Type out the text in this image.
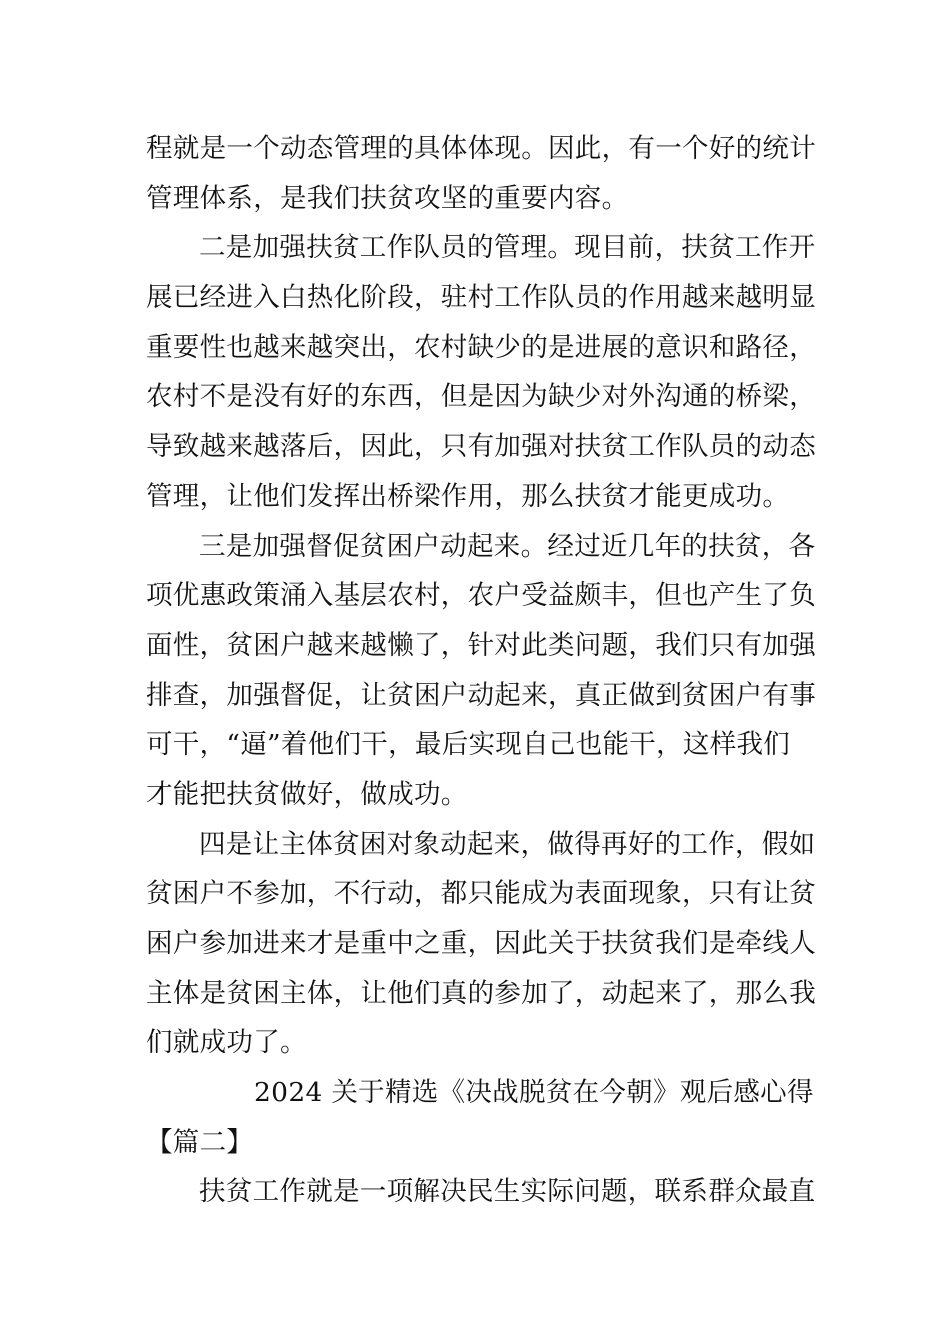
程就是一个动态管理的具体体现。因此，有一个好的统计
管理体系，是我们扶贫攻坚的重要内容。
二是加强扶贫工作队员的管理。现目前，扶贫工作开
展已经进入白热化阶段，驻村工作队员的作用越来越明显
重要性也越来越突出，农村缺少的是进展的意识和路径，
农村不是没有好的东西，但是因为缺少对外沟通的桥梁，
导致越来越落后，因此，只有加强对扶贫工作队员的动态
管理，让他们发挥出桥梁作用，那么扶贫才能更成功。
三是加强督促贫困户动起来。经过近几年的扶贫，各
项优惠政策涌入基层农村，农户受益颇丰，但也产生了负
面性，贫困户越来越懒了，针对此类问题，我们只有加强
排查，加强督促，让贫困户动起来，真正做到贫困户有事
可干，“逼”着他们干，最后实现自己也能干，这样我们
才能把扶贫做好，做成功。
四是让主体贫困对象动起来，做得再好的工作，假如
贫困户不参加，不行动，都只能成为表面现象，只有让贫
困户参加进来才是重中之重，因此关于扶贫我们是牵线人
主体是贫困主体，让他们真的参加了，动起来了，那么我
们就成功了。
2024 关于精选《决战脱贫在今朝》观后感心得
【篇二】
扶贫工作就是一项解决民生实际问题，联系群众最直
